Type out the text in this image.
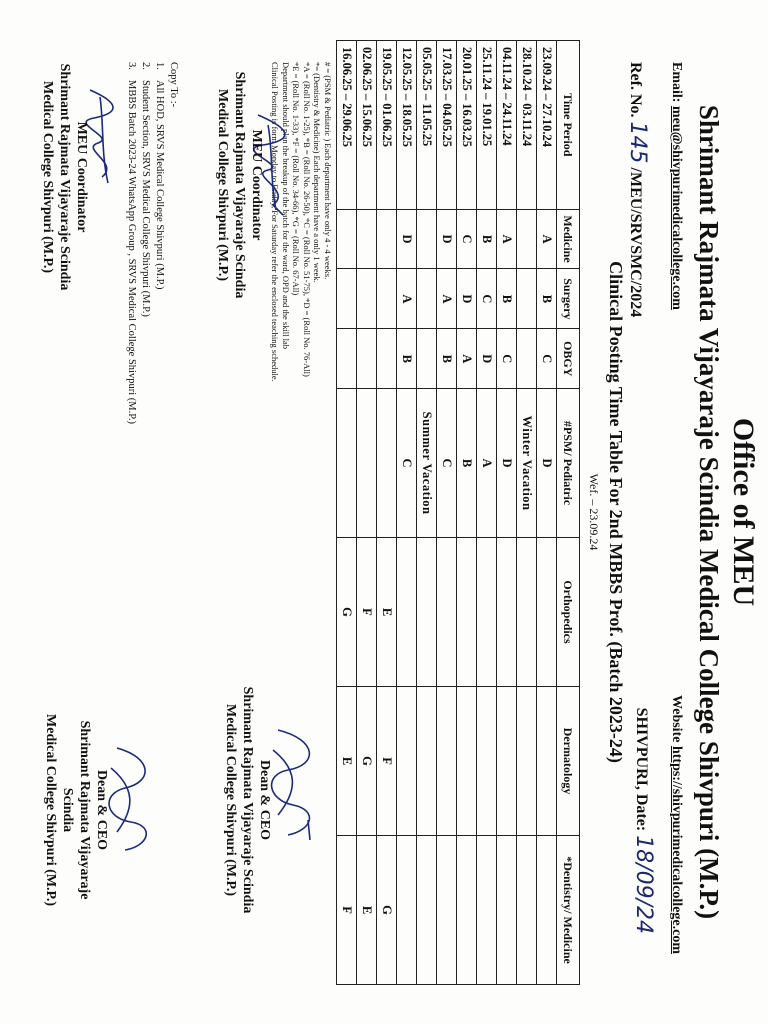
Office of MEU
Shrimant Rajmata Vijayaraje Scindia Medical College Shivpuri (M.P.)
Email: meu@shivpurimedicalcollege.com
Website https://shivpurimedicalcollege.com
Ref. No. 145 /MEU/SRVSMC/2024
SHIVPURI, Date: 18/09/24
Clinical Posting Time Table For 2nd MBBS Prof. (Batch 2023-24)
Wef. – 23.09.24
Time Period	Medicine	Surgery	OBGY	#PSM/ Pediatric	Orthopedics	Dermatology	*Dentistry/ Medicine
23.09.24 – 27.10.24	A	B	C	D			
28.10.24 – 03.11.24				Winter Vacation			
04.11.24 – 24.11.24	A	B	C	D			
25.11.24 – 19.01.25	B	C	D	A			
20.01.25 – 16.03.25	C	D	A	B			
17.03.25 – 04.05.25	D	A	B	C			
05.05.25 – 11.05.25				Summer Vacation			
12.05.25 – 18.05.25	D	A	B	C			
19.05.25 – 01.06.25					E	F	G
02.06.25 – 15.06.25					F	G	E
16.06.25 – 29.06.25					G	E	F
# = (PSM & Pediatric ) Each department have only 4 - 4 weeks.
*= (Dentistry & Medicine) Each department have a only 1 week.
*A = (Roll No. 1-25), *B = (Roll No. 26-50), *C = (Roll No. 51-75), *D = (Roll No. 76-All)
*E = (Roll No. 1-33), *F = (Roll No. 34-66), *G = (Roll No. 67-All)
Department should plan the breakup of the batch for the ward, OPD and the skill lab
Clinical Posting is form Monday to Friday, For Saturday refer the enclosed teaching schedule.
MEU Coordinator
Shrimant Rajmata Vijayaraje Scindia
Medical College Shivpuri (M.P.)
Dean & CEO
Shrimant Rajmata Vijayaraje Scindia
Medical College Shivpuri (M.P.)
Copy To :-
1.
All HOD, SRVS Medical College Shivpuri (M.P.)
2.
Student Section, SRVS Medical College Shivpuri (M.P.)
3.
MBBS Batch 2023-24 WhatsApp Group , SRVS Medical College Shivpuri (M.P.)
MEU Coordinator
Shrimant Rajmata Vijayaraje Scindia
Medical College Shivpuri (M.P.)
Dean & CEO
Shrimant Rajmata Vijayaraje Scindia
Medical College Shivpuri (M.P.)
